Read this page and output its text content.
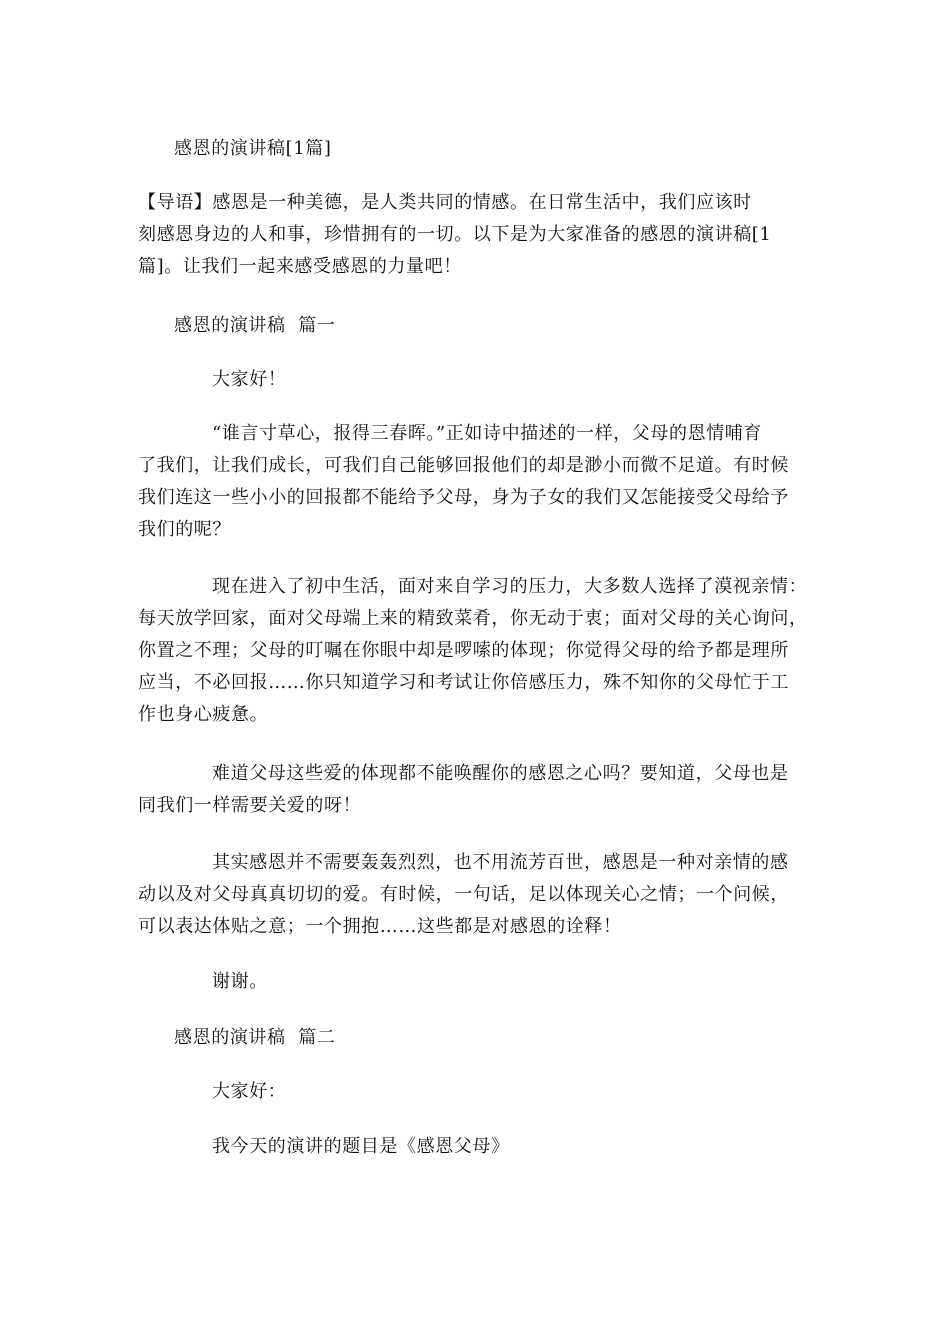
感恩的演讲稿[1篇]
【导语】感恩是一种美德，是人类共同的情感。在日常生活中，我们应该时
刻感恩身边的人和事，珍惜拥有的一切。以下是为大家准备的感恩的演讲稿[1
篇]。让我们一起来感受感恩的力量吧！
感恩的演讲稿  篇一
大家好！
“谁言寸草心，报得三春晖。”正如诗中描述的一样，父母的恩情哺育
了我们，让我们成长，可我们自己能够回报他们的却是渺小而微不足道。有时候
我们连这一些小小的回报都不能给予父母，身为子女的我们又怎能接受父母给予
我们的呢？
现在进入了初中生活，面对来自学习的压力，大多数人选择了漠视亲情：
每天放学回家，面对父母端上来的精致菜肴，你无动于衷；面对父母的关心询问，
你置之不理；父母的叮嘱在你眼中却是啰嗦的体现；你觉得父母的给予都是理所
应当，不必回报……你只知道学习和考试让你倍感压力，殊不知你的父母忙于工
作也身心疲惫。
难道父母这些爱的体现都不能唤醒你的感恩之心吗？要知道，父母也是
同我们一样需要关爱的呀！
其实感恩并不需要轰轰烈烈，也不用流芳百世，感恩是一种对亲情的感
动以及对父母真真切切的爱。有时候，一句话，足以体现关心之情；一个问候，
可以表达体贴之意；一个拥抱……这些都是对感恩的诠释！
谢谢。
感恩的演讲稿  篇二
大家好：
我今天的演讲的题目是《感恩父母》
